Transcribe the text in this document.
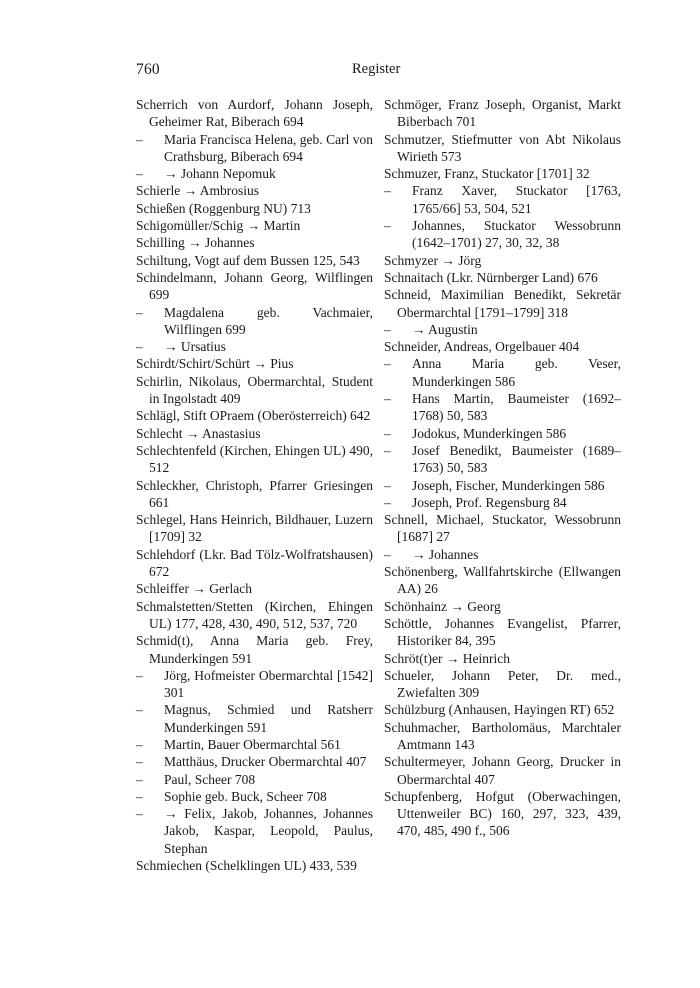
760	Register
Scherrich von Aurdorf, Johann Joseph, Geheimer Rat, Biberach 694
– Maria Francisca Helena, geb. Carl von Crathsburg, Biberach 694
– → Johann Nepomuk
Schierle → Ambrosius
Schießen (Roggenburg NU) 713
Schigomüller/Schig → Martin
Schilling → Johannes
Schiltung, Vogt auf dem Bussen 125, 543
Schindelmann, Johann Georg, Wilflingen 699
– Magdalena geb. Vachmaier, Wilflingen 699
– → Ursatius
Schirdt/Schirt/Schürt → Pius
Schirlin, Nikolaus, Obermarchtal, Student in Ingolstadt 409
Schlägl, Stift OPraem (Oberösterreich) 642
Schlecht → Anastasius
Schlechtenfeld (Kirchen, Ehingen UL) 490, 512
Schleckher, Christoph, Pfarrer Griesingen 661
Schlegel, Hans Heinrich, Bildhauer, Luzern [1709] 32
Schlehdorf (Lkr. Bad Tölz-Wolfratshausen) 672
Schleiffer → Gerlach
Schmalstetten/Stetten (Kirchen, Ehingen UL) 177, 428, 430, 490, 512, 537, 720
Schmid(t), Anna Maria geb. Frey, Munderkingen 591
– Jörg, Hofmeister Obermarchtal [1542] 301
– Magnus, Schmied und Ratsherr Munderkingen 591
– Martin, Bauer Obermarchtal 561
– Matthäus, Drucker Obermarchtal 407
– Paul, Scheer 708
– Sophie geb. Buck, Scheer 708
– → Felix, Jakob, Johannes, Johannes Jakob, Kaspar, Leopold, Paulus, Stephan
Schmiechen (Schelklingen UL) 433, 539
Schmöger, Franz Joseph, Organist, Markt Biberbach 701
Schmutzer, Stiefmutter von Abt Nikolaus Wirieth 573
Schmuzer, Franz, Stuckator [1701] 32
– Franz Xaver, Stuckator [1763, 1765/66] 53, 504, 521
– Johannes, Stuckator Wessobrunn (1642–1701) 27, 30, 32, 38
Schmyzer → Jörg
Schnaitach (Lkr. Nürnberger Land) 676
Schneid, Maximilian Benedikt, Sekretär Obermarchtal [1791–1799] 318
– → Augustin
Schneider, Andreas, Orgelbauer 404
– Anna Maria geb. Veser, Munderkingen 586
– Hans Martin, Baumeister (1692–1768) 50, 583
– Jodokus, Munderkingen 586
– Josef Benedikt, Baumeister (1689–1763) 50, 583
– Joseph, Fischer, Munderkingen 586
– Joseph, Prof. Regensburg 84
Schnell, Michael, Stuckator, Wessobrunn [1687] 27
– → Johannes
Schönenberg, Wallfahrtskirche (Ellwangen AA) 26
Schönhainz → Georg
Schöttle, Johannes Evangelist, Pfarrer, Historiker 84, 395
Schröt(t)er → Heinrich
Schueler, Johann Peter, Dr. med., Zwiefalten 309
Schülzburg (Anhausen, Hayingen RT) 652
Schuhmacher, Bartholomäus, Marchtaler Amtmann 143
Schultermeyer, Johann Georg, Drucker in Obermarchtal 407
Schupfenberg, Hofgut (Oberwachingen, Uttenweiler BC) 160, 297, 323, 439, 470, 485, 490 f., 506
